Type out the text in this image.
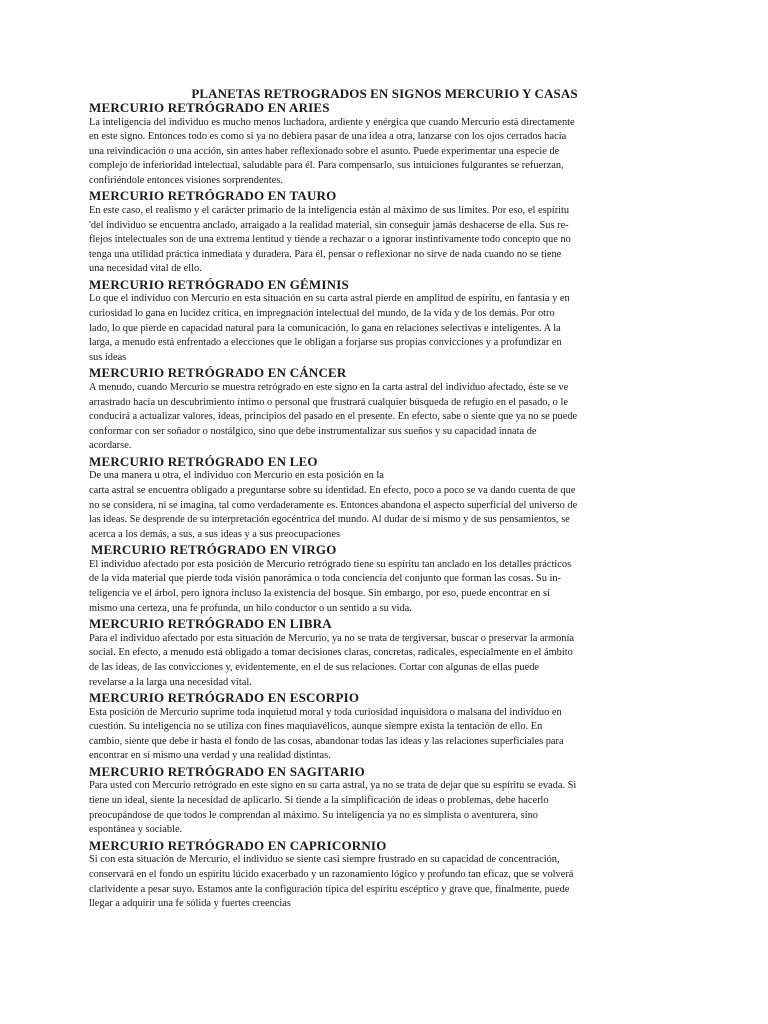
PLANETAS RETROGRADOS EN SIGNOS MERCURIO Y CASAS
MERCURIO RETRÓGRADO EN ARIES

La inteligencia del individuo es mucho menos luchadora, ardiente y enérgica que cuando Mercurio está directamente
en este signo. Entonces todo es como si ya no debiera pasar de una idea a otra, lanzarse con los ojos cerrados hacia
una reivindicación o una acción, sin antes haber reflexionado sobre el asunto. Puede experimentar una especie de
complejo de inferioridad intelectual, saludable para él. Para compensarlo, sus intuiciones fulgurantes se refuerzan,
confiriéndole entonces visiones sorprendentes.

MERCURIO RETRÓGRADO EN TAURO

En este caso, el realismo y el carácter primario de la inteligencia están al máximo de sus límites. Por eso, el espíritu
'del individuo se encuentra anclado, arraigado a la realidad material, sin conseguir jamás deshacerse de ella. Sus re-
flejos intelectuales son de una extrema lentitud y tiende a rechazar o a ignorar instintivamente todo concepto que no
tenga una utilidad práctica inmediata y duradera. Para él, pensar o reflexionar no sirve de nada cuando no se tiene
una necesidad vital de ello.

MERCURIO RETRÓGRADO EN GÉMINIS

Lo que el individuo con Mercurio en esta situación en su carta astral pierde en amplitud de espíritu, en fantasía y en
curiosidad lo gana en lucidez crítica, en impregnación intelectual del mundo, de la vida y de los demás. Por otro
lado, lo que pierde en capacidad natural para la comunicación, lo gana en relaciones selectivas e inteligentes. A la
larga, a menudo está enfrentado a elecciones que le obligan a forjarse sus propias convicciones y a profundizar en
sus ideas

MERCURIO RETRÓGRADO EN CÁNCER

A menudo, cuando Mercurio se muestra retrógrado en este signo en la carta astral del individuo afectado, éste se ve
arrastrado hacia un descubrimiento íntimo o personal que frustrará cualquier búsqueda de refugio en el pasado, o le
conducirá a actualizar valores, ideas, principios del pasado en el presente. En efecto, sabe o siente que ya no se puede
conformar con ser soñador o nostálgico, sino que debe instrumentalizar sus sueños y su capacidad innata de
acordarse.

MERCURIO RETRÓGRADO EN LEO

De una manera u otra, el individuo con Mercurio en esta posición en la
carta astral se encuentra obligado a preguntarse sobre su identidad. En efecto, poco a poco se va dando cuenta de que
no se considera, ni se imagina, tal como verdaderamente es. Entonces abandona el aspecto superficial del universo de
las ideas. Se desprende de su interpretación egocéntrica del mundo. Al dudar de sí mismo y de sus pensamientos, se
acerca a los demás, a sus, a sus ideas y a sus preocupaciones

MERCURIO RETRÓGRADO EN VIRGO

El individuo afectado por esta posición de Mercurio retrógrado tiene su espíritu tan anclado en los detalles prácticos
de la vida material que pierde toda visión panorámica o toda conciencia del conjunto que forman las cosas. Su in-
teligencia ve el árbol, pero ignora incluso la existencia del bosque. Sin embargo, por eso, puede encontrar en sí
mismo una certeza, una fe profunda, un hilo conductor o un sentido a su vida.

MERCURIO RETRÓGRADO EN LIBRA

Para el individuo afectado por esta situación de Mercurio, ya no se trata de tergiversar, buscar o preservar la armonía
social. En efecto, a menudo está obligado a tomar decisiones claras, concretas, radicales, especialmente en el ámbito
de las ideas, de las convicciones y, evidentemente, en el de sus relaciones. Cortar con algunas de ellas puede
revelarse a la larga una necesidad vital.

MERCURIO RETRÓGRADO EN ESCORPIO

Esta posición de Mercurio suprime toda inquietud moral y toda curiosidad inquisidora o malsana del individuo en
cuestión. Su inteligencia no se utiliza con fines maquiavélicos, aunque siempre exista la tentación de ello. En
cambio, siente que debe ir hasta el fondo de las cosas, abandonar todas las ideas y las relaciones superficiales para
encontrar en sí mismo una verdad y una realidad distintas.

MERCURIO RETRÓGRADO EN SAGITARIO

Para usted con Mercurio retrógrado en este signo en su carta astral, ya no se trata de dejar que su espíritu se evada. Si
tiene un ideal, siente la necesidad de aplicarlo. Si tiende a la simplificación de ideas o problemas, debe hacerlo
preocupándose de que todos le comprendan al máximo. Su inteligencia ya no es simplista o aventurera, sino
espontánea y sociable.

MERCURIO RETRÓGRADO EN CAPRICORNIO

Si con esta situación de Mercurio, el individuo se siente casi siempre frustrado en su capacidad de concentración,
conservará en el fondo un espíritu lúcido exacerbado y un razonamiento lógico y profundo tan eficaz, que se volverá
clarividente a pesar suyo. Estamos ante la configuración típica del espíritu escéptico y grave que, finalmente, puede
llegar a adquirir una fe sólida y fuertes creencias
